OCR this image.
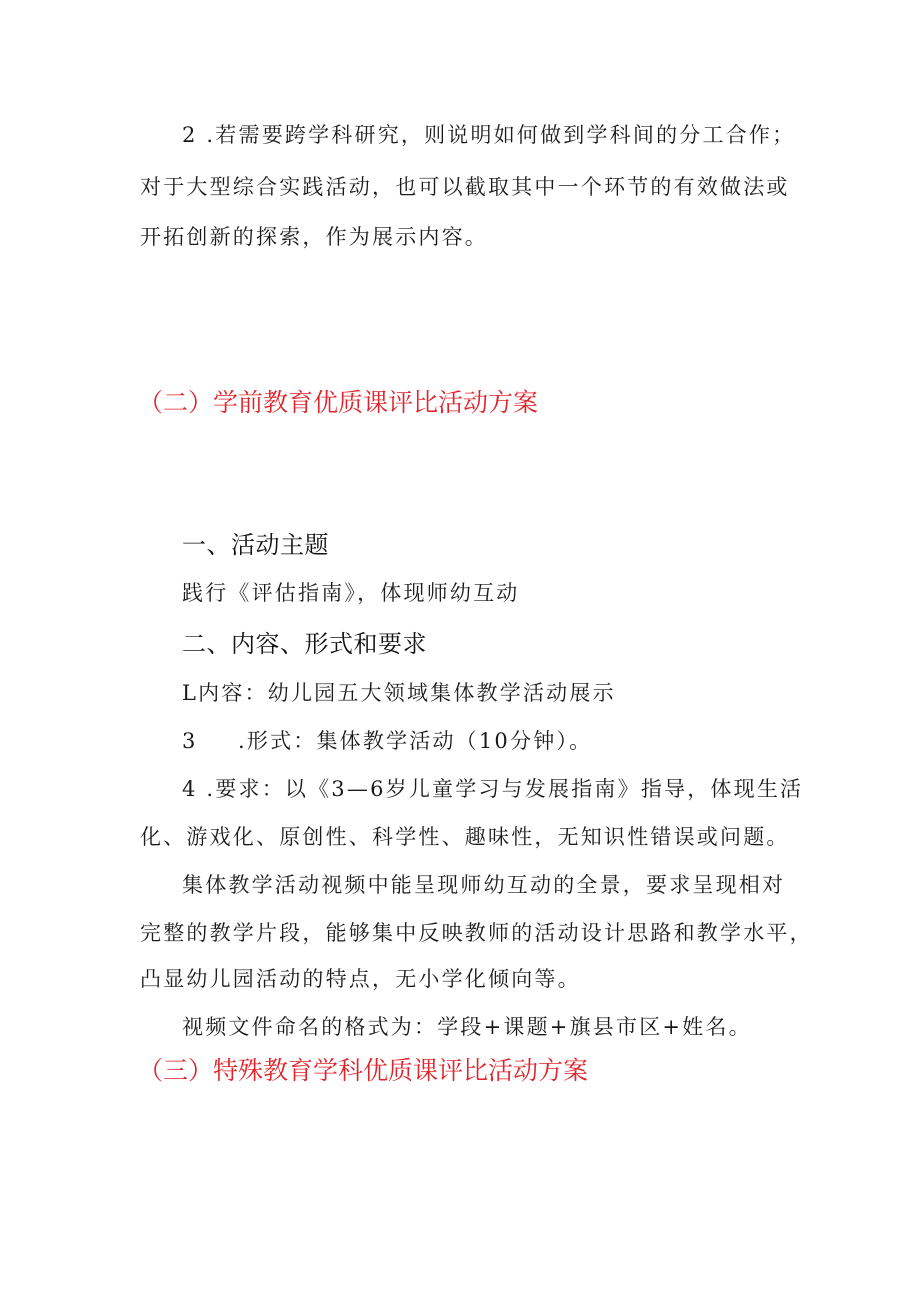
2 .若需要跨学科研究，则说明如何做到学科间的分工合作；
对于大型综合实践活动，也可以截取其中一个环节的有效做法或
开拓创新的探索，作为展示内容。
（二）学前教育优质课评比活动方案
一、活动主题
践行《评估指南》，体现师幼互动
二、内容、形式和要求
L内容：幼儿园五大领域集体教学活动展示
3 .形式：集体教学活动（10分钟）。
4 .要求：以《3—6岁儿童学习与发展指南》指导，体现生活
化、游戏化、原创性、科学性、趣味性，无知识性错误或问题。
集体教学活动视频中能呈现师幼互动的全景，要求呈现相对
完整的教学片段，能够集中反映教师的活动设计思路和教学水平，
凸显幼儿园活动的特点，无小学化倾向等。
视频文件命名的格式为：学段+课题+旗县市区+姓名。
（三）特殊教育学科优质课评比活动方案
